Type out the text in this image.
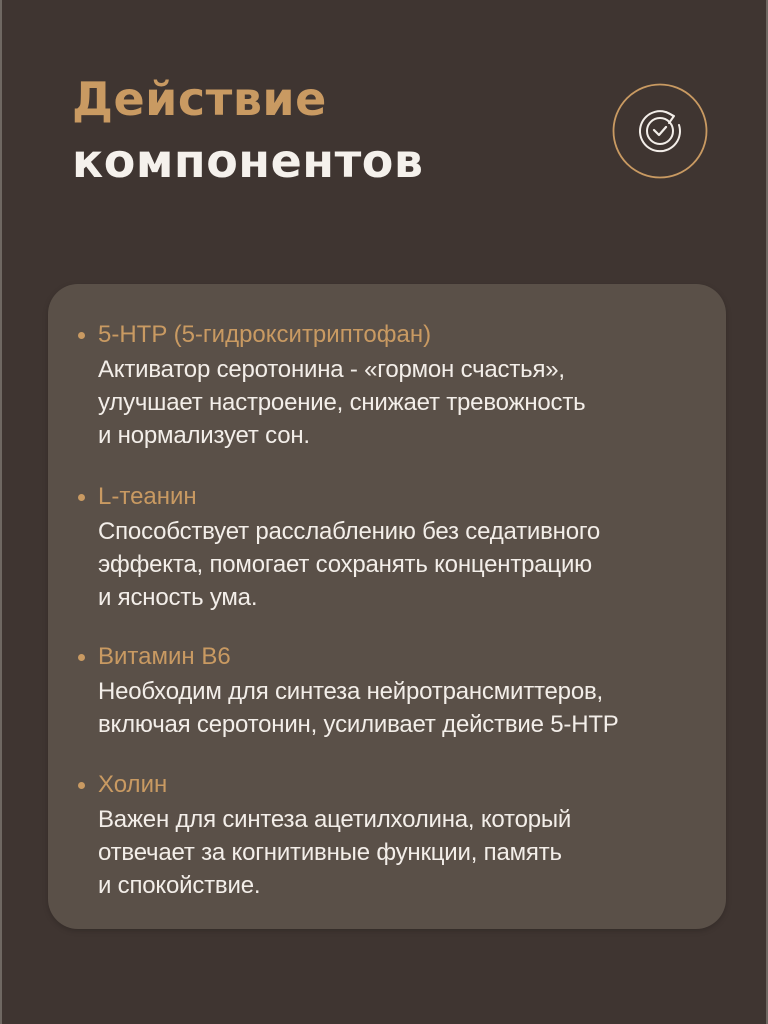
Действие
компонентов
5-HTP (5-гидрокситриптофан)
Активатор серотонина - «гормон счастья»,
улучшает настроение, снижает тревожность
и нормализует сон.
L-теанин
Способствует расслаблению без седативного
эффекта, помогает сохранять концентрацию
и ясность ума.
Витамин B6
Необходим для синтеза нейротрансмиттеров,
включая серотонин, усиливает действие 5-HTP
Холин
Важен для синтеза ацетилхолина, который
отвечает за когнитивные функции, память
и спокойствие.
